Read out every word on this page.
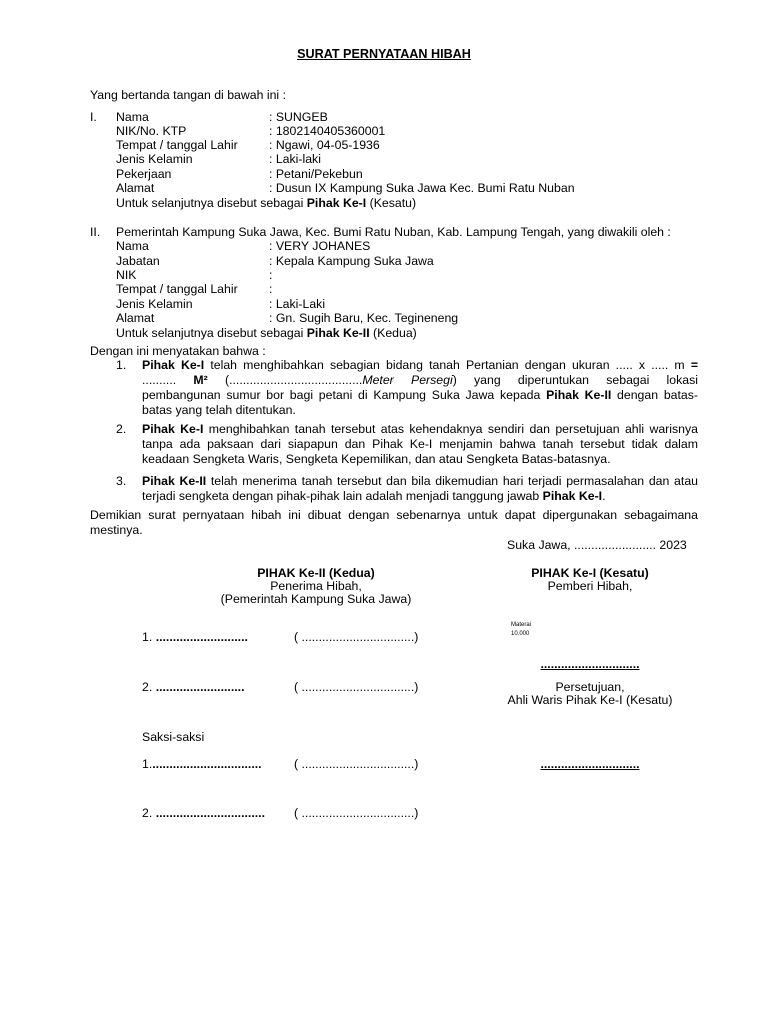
SURAT PERNYATAAN HIBAH
Yang bertanda tangan di bawah ini :
I. Nama	: SUNGEB
NIK/No. KTP	: 1802140405360001
Tempat / tanggal Lahir	: Ngawi, 04-05-1936
Jenis Kelamin	: Laki-laki
Pekerjaan	: Petani/Pekebun
Alamat	: Dusun IX Kampung Suka Jawa Kec. Bumi Ratu Nuban
Untuk selanjutnya disebut sebagai Pihak Ke-I (Kesatu)
II. Pemerintah Kampung Suka Jawa, Kec. Bumi Ratu Nuban, Kab. Lampung Tengah, yang diwakili oleh :
Nama	: VERY JOHANES
Jabatan	: Kepala Kampung Suka Jawa
NIK	:
Tempat / tanggal Lahir	:
Jenis Kelamin	: Laki-Laki
Alamat	: Gn. Sugih Baru, Kec. Tegineneng
Untuk selanjutnya disebut sebagai Pihak Ke-II (Kedua)
Dengan ini menyatakan bahwa :
1. Pihak Ke-I telah menghibahkan sebagian bidang tanah Pertanian dengan ukuran ..... x ..... m =
.......... M² (.......................................Meter Persegi) yang diperuntukan sebagai lokasi
pembangunan sumur bor bagi petani di Kampung Suka Jawa kepada Pihak Ke-II dengan batas-
batas yang telah ditentukan.
2. Pihak Ke-I menghibahkan tanah tersebut atas kehendaknya sendiri dan persetujuan ahli warisnya
tanpa ada paksaan dari siapapun dan Pihak Ke-I menjamin bahwa tanah tersebut tidak dalam
keadaan Sengketa Waris, Sengketa Kepemilikan, dan atau Sengketa Batas-batasnya.
3. Pihak Ke-II telah menerima tanah tersebut dan bila dikemudian hari terjadi permasalahan dan atau
terjadi sengketa dengan pihak-pihak lain adalah menjadi tanggung jawab Pihak Ke-I.
Demikian surat pernyataan hibah ini dibuat dengan sebenarnya untuk dapat dipergunakan sebagaimana
mestinya.
Suka Jawa, ........................ 2023
PIHAK Ke-II (Kedua)
Penerima Hibah,
(Pemerintah Kampung Suka Jawa)
PIHAK Ke-I (Kesatu)
Pemberi Hibah,
Materai
10.000
1. ...........................	( .................................)
2. ..........................	( .................................)
.............................
Persetujuan,
Ahli Waris Pihak Ke-I (Kesatu)
Saksi-saksi
1.................................	( .................................)	.............................
2. ................................ ( .................................)
